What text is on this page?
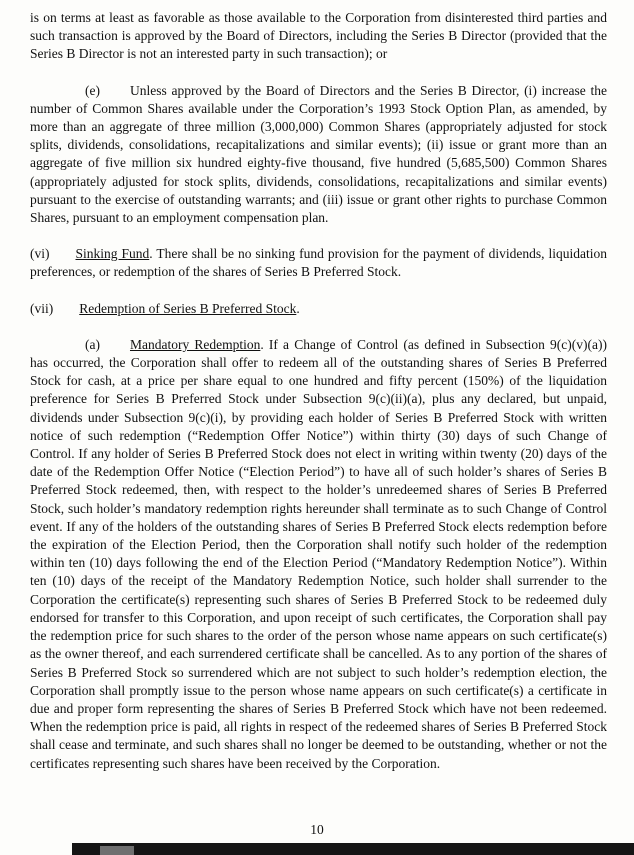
is on terms at least as favorable as those available to the Corporation from disinterested third parties and such transaction is approved by the Board of Directors, including the Series B Director (provided that the Series B Director is not an interested party in such transaction); or

(e) Unless approved by the Board of Directors and the Series B Director, (i) increase the number of Common Shares available under the Corporation’s 1993 Stock Option Plan, as amended, by more than an aggregate of three million (3,000,000) Common Shares (appropriately adjusted for stock splits, dividends, consolidations, recapitalizations and similar events); (ii) issue or grant more than an aggregate of five million six hundred eighty-five thousand, five hundred (5,685,500) Common Shares (appropriately adjusted for stock splits, dividends, consolidations, recapitalizations and similar events) pursuant to the exercise of outstanding warrants; and (iii) issue or grant other rights to purchase Common Shares, pursuant to an employment compensation plan.

(vi) Sinking Fund. There shall be no sinking fund provision for the payment of dividends, liquidation preferences, or redemption of the shares of Series B Preferred Stock.

(vii) Redemption of Series B Preferred Stock.

(a) Mandatory Redemption. If a Change of Control (as defined in Subsection 9(c)(v)(a)) has occurred, the Corporation shall offer to redeem all of the outstanding shares of Series B Preferred Stock for cash, at a price per share equal to one hundred and fifty percent (150%) of the liquidation preference for Series B Preferred Stock under Subsection 9(c)(ii)(a), plus any declared, but unpaid, dividends under Subsection 9(c)(i), by providing each holder of Series B Preferred Stock with written notice of such redemption (“Redemption Offer Notice”) within thirty (30) days of such Change of Control. If any holder of Series B Preferred Stock does not elect in writing within twenty (20) days of the date of the Redemption Offer Notice (“Election Period”) to have all of such holder’s shares of Series B Preferred Stock redeemed, then, with respect to the holder’s unredeemed shares of Series B Preferred Stock, such holder’s mandatory redemption rights hereunder shall terminate as to such Change of Control event. If any of the holders of the outstanding shares of Series B Preferred Stock elects redemption before the expiration of the Election Period, then the Corporation shall notify such holder of the redemption within ten (10) days following the end of the Election Period (“Mandatory Redemption Notice”). Within ten (10) days of the receipt of the Mandatory Redemption Notice, such holder shall surrender to the Corporation the certificate(s) representing such shares of Series B Preferred Stock to be redeemed duly endorsed for transfer to this Corporation, and upon receipt of such certificates, the Corporation shall pay the redemption price for such shares to the order of the person whose name appears on such certificate(s) as the owner thereof, and each surrendered certificate shall be cancelled. As to any portion of the shares of Series B Preferred Stock so surrendered which are not subject to such holder’s redemption election, the Corporation shall promptly issue to the person whose name appears on such certificate(s) a certificate in due and proper form representing the shares of Series B Preferred Stock which have not been redeemed. When the redemption price is paid, all rights in respect of the redeemed shares of Series B Preferred Stock shall cease and terminate, and such shares shall no longer be deemed to be outstanding, whether or not the certificates representing such shares have been received by the Corporation.

10
